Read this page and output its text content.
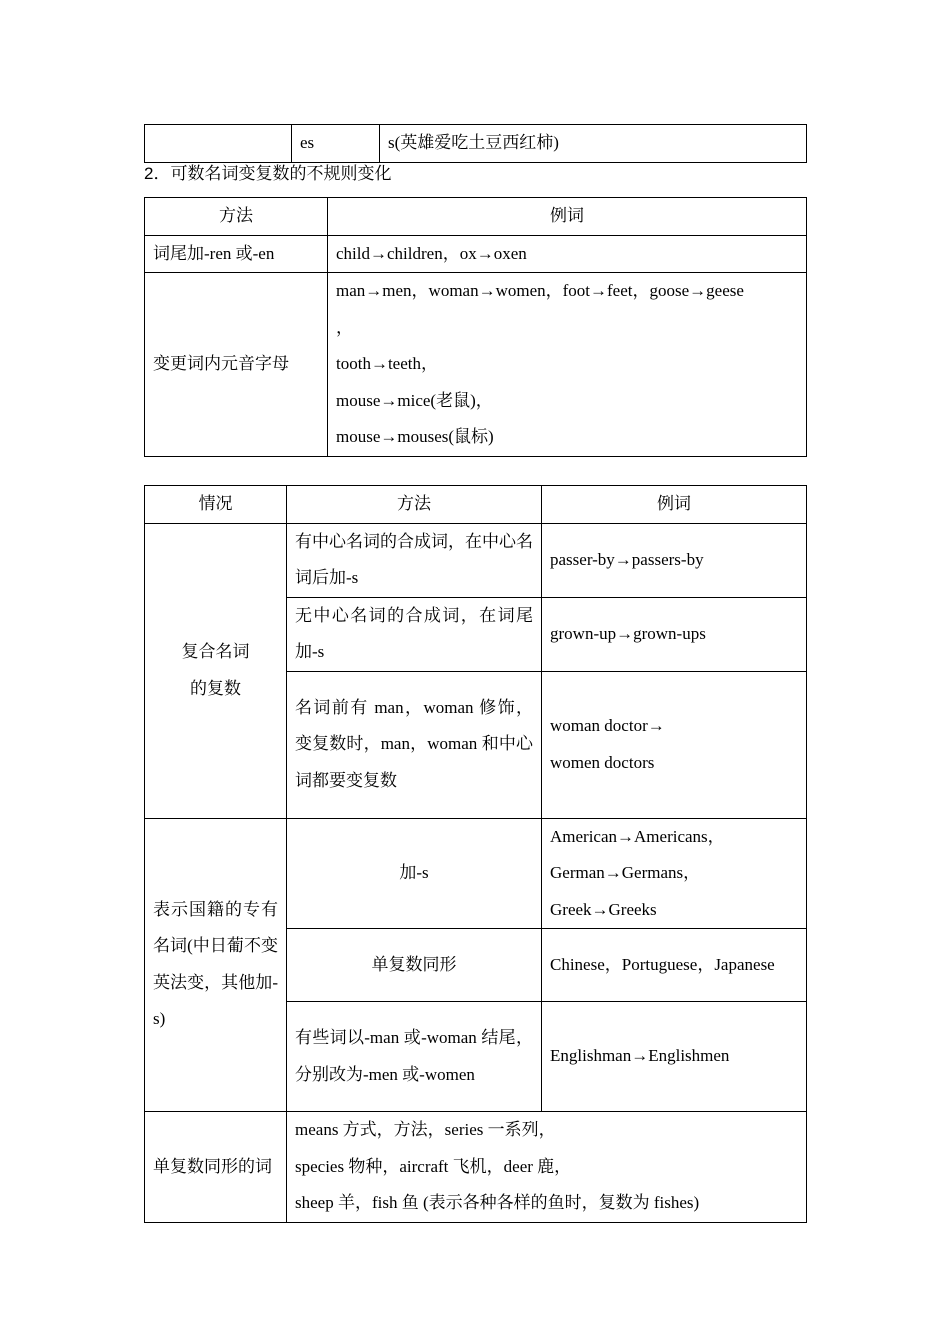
	es	s(英雄爱吃土豆西红柿)
2．可数名词变复数的不规则变化
方法	例词
词尾加-ren 或-en	child→children，ox→oxen
变更词内元音字母	man→men，woman→women，foot→feet，goose→geese
，
tooth→teeth，
mouse→mice(老鼠)，
mouse→mouses(鼠标)
情况	方法	例词

复合名词
的复数	有中心名词的合成词，在中心名词后加-s	passer-by→passers-by
	无中心名词的合成词，在词尾加-s	grown-up→grown-ups
	名词前有 man，woman 修饰，变复数时，man，woman 和中心词都要变复数	woman doctor→
women doctors

表示国籍的专有名词(中日葡不变英法变，其他加-s)	加-s	American→Americans，
German→Germans，
Greek→Greeks

	单复数同形	Chinese，Portuguese，Japanese
	有些词以-man 或-woman 结尾，分别改为-men 或-women	Englishman→Englishmen
单复数同形的词	means 方式，方法，series 一系列，
species 物种，aircraft 飞机，deer 鹿，
sheep 羊，fish 鱼 (表示各种各样的鱼时，复数为 fishes)	
